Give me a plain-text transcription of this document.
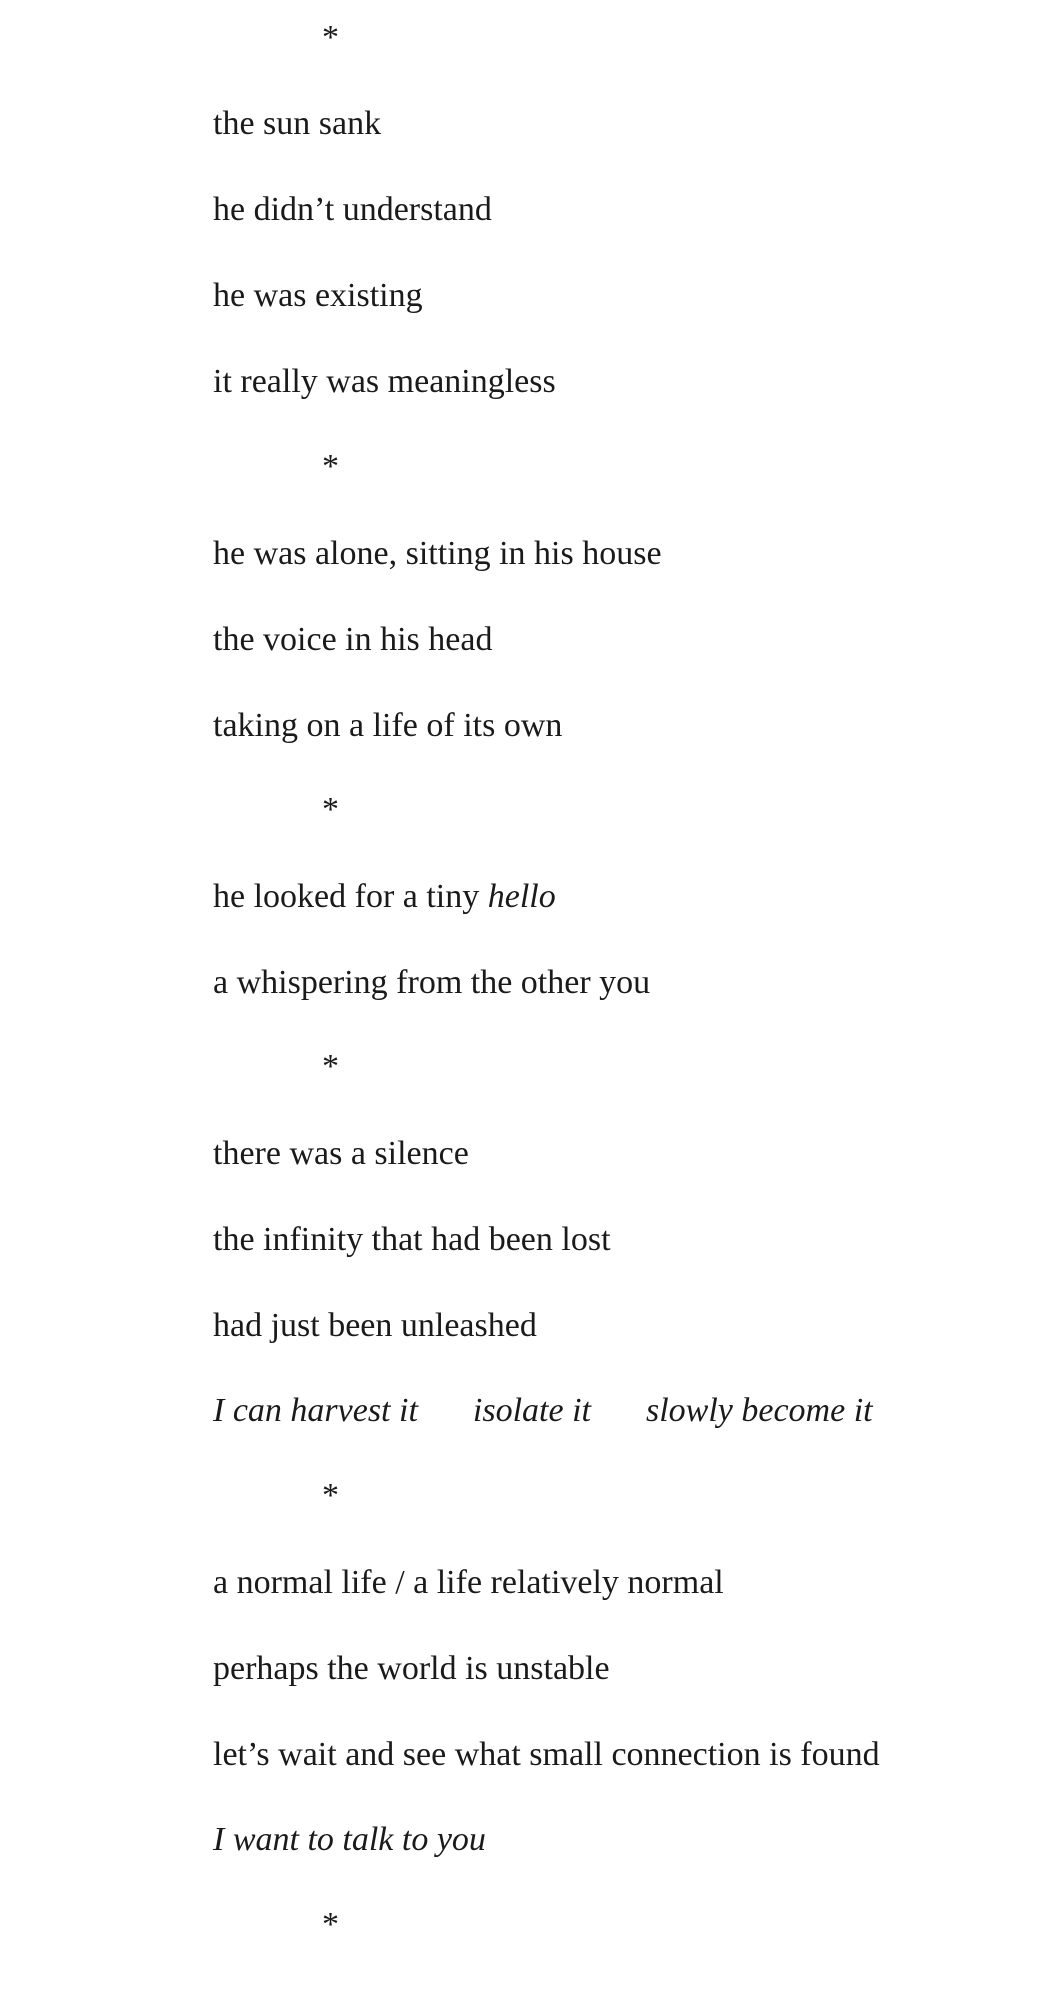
*

the sun sank

he didn’t understand

he was existing

it really was meaningless

*

he was alone, sitting in his house

the voice in his head

taking on a life of its own

*

he looked for a tiny hello

a whispering from the other you

*

there was a silence

the infinity that had been lost

had just been unleashed

I can harvest it isolate it slowly become it

*

a normal life / a life relatively normal

perhaps the world is unstable

let’s wait and see what small connection is found

I want to talk to you

*
